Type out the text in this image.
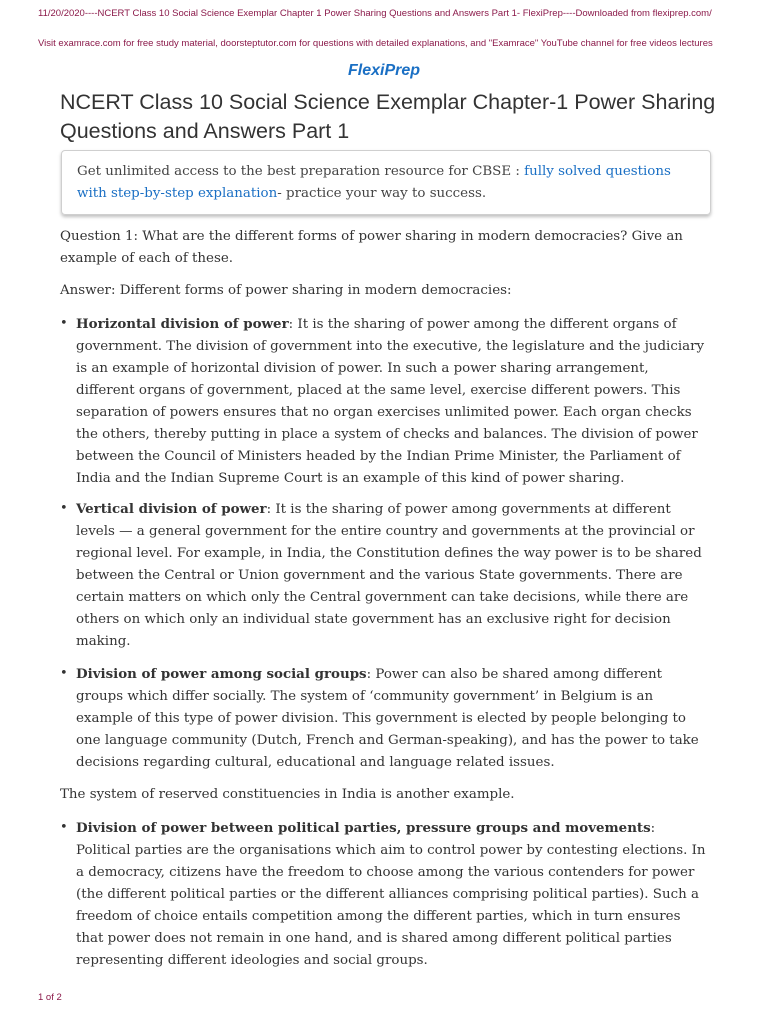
11/20/2020----NCERT Class 10 Social Science Exemplar Chapter 1 Power Sharing Questions and Answers Part 1- FlexiPrep----Downloaded from flexiprep.com/
Visit examrace.com for free study material, doorsteptutor.com for questions with detailed explanations, and "Examrace" YouTube channel for free videos lectures
FlexiPrep
NCERT Class 10 Social Science Exemplar Chapter-1 Power Sharing Questions and Answers Part 1
Get unlimited access to the best preparation resource for CBSE : fully solved questions with step-by-step explanation- practice your way to success.
Question 1: What are the different forms of power sharing in modern democracies? Give an example of each of these.
Answer: Different forms of power sharing in modern democracies:
• Horizontal division of power: It is the sharing of power among the different organs of government. The division of government into the executive, the legislature and the judiciary is an example of horizontal division of power. In such a power sharing arrangement, different organs of government, placed at the same level, exercise different powers. This separation of powers ensures that no organ exercises unlimited power. Each organ checks the others, thereby putting in place a system of checks and balances. The division of power between the Council of Ministers headed by the Indian Prime Minister, the Parliament of India and the Indian Supreme Court is an example of this kind of power sharing.
• Vertical division of power: It is the sharing of power among governments at different levels — a general government for the entire country and governments at the provincial or regional level. For example, in India, the Constitution defines the way power is to be shared between the Central or Union government and the various State governments. There are certain matters on which only the Central government can take decisions, while there are others on which only an individual state government has an exclusive right for decision making.
• Division of power among social groups: Power can also be shared among different groups which differ socially. The system of ‘community government’ in Belgium is an example of this type of power division. This government is elected by people belonging to one language community (Dutch, French and German-speaking), and has the power to take decisions regarding cultural, educational and language related issues.
The system of reserved constituencies in India is another example.
• Division of power between political parties, pressure groups and movements: Political parties are the organisations which aim to control power by contesting elections. In a democracy, citizens have the freedom to choose among the various contenders for power (the different political parties or the different alliances comprising political parties). Such a freedom of choice entails competition among the different parties, which in turn ensures that power does not remain in one hand, and is shared among different political parties representing different ideologies and social groups.
1 of 2
